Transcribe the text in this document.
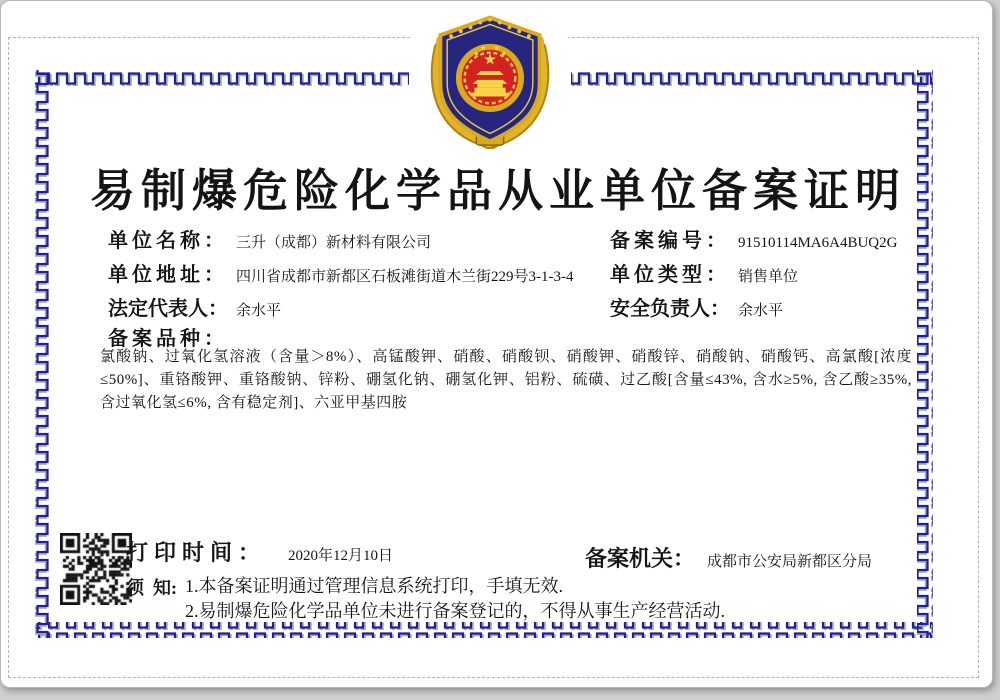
易制爆危险化学品从业单位备案证明
单位名称： 三升（成都）新材料有限公司	备案编号： 91510114MA6A4BUQ2G
单位地址： 四川省成都市新都区石板滩街道木兰街229号3-1-3-4 单位类型： 销售单位
法定代表人： 余水平	安全负责人： 余水平
备案品种：
氯酸钠、过氧化氢溶液（含量＞8%）、高锰酸钾、硝酸、硝酸钡、硝酸钾、硝酸锌、硝酸钠、硝酸钙、高氯酸[浓度≤50%]、重铬酸钾、重铬酸钠、锌粉、硼氢化钠、硼氢化钾、铝粉、硫磺、过乙酸[含量≤43%, 含水≥5%, 含乙酸≥35%, 含过氧化氢≤6%, 含有稳定剂]、六亚甲基四胺
打印时间： 2020年12月10日	备案机关： 成都市公安局新都区分局
须  知: 1.本备案证明通过管理信息系统打印，手填无效.
2.易制爆危险化学品单位未进行备案登记的，不得从事生产经营活动.
